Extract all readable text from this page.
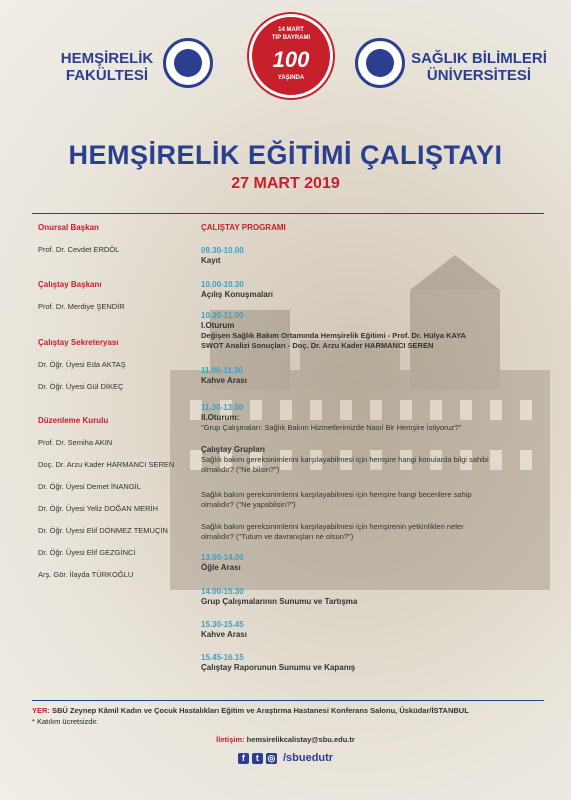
HEMŞİRELİK
FAKÜLTESİ
14 MART
TIP BAYRAMI
100
YAŞINDA
SAĞLIK BİLİMLERİ
ÜNİVERSİTESİ
HEMŞİRELİK EĞİTİMİ ÇALIŞTAYI
27 MART 2019
Onursal Başkan
Prof. Dr. Cevdet ERDÖL
Çalıştay Başkanı
Prof. Dr. Merdiye ŞENDİR
Çalıştay Sekreteryası
Dr. Öğr. Üyesi Eda AKTAŞ
Dr. Öğr. Üyesi Gül DİKEÇ
Düzenleme Kurulu
Prof. Dr. Semiha AKIN
Doç. Dr. Arzu Kader HARMANCI SEREN
Dr. Öğr. Üyesi Demet İNANGİL
Dr. Öğr. Üyesi Yeliz DOĞAN MERİH
Dr. Öğr. Üyesi Elif DÖNMEZ TEMUÇİN
Dr. Öğr. Üyesi Elif GEZGİNCİ
Arş. Gör. İlayda TÜRKOĞLU
ÇALIŞTAY PROGRAMI
09.30-10.00
Kayıt
10.00-10.30
Açılış Konuşmaları
10.30-11.00
I.Oturum
Değişen Sağlık Bakım Ortamında Hemşirelik Eğitimi - Prof. Dr. Hülya KAYA
SWOT Analizi Sonuçları - Doç. Dr. Arzu Kader HARMANCI SEREN
11.00-11.30
Kahve Arası
11.30-13.00
II.Oturum:
"Grup Çalışmaları: Sağlık Bakım Hizmetlerimizde Nasıl Bir Hemşire İstiyoruz?"
Çalıştay Grupları
Sağlık bakım gereksinimlerini karşılayabilmesi için hemşire hangi konularda bilgi sahibi
olmalıdır? ("Ne bilsin?")
Sağlık bakım gereksinimlerini karşılayabilmesi için hemşire hangi becerilere sahip
olmalıdır? ("Ne yapabilsin?")
Sağlık bakım gereksinimlerini karşılayabilmesi için hemşirenin yetkinlikleri neler
olmalıdır? ("Tutum ve davranışları ne olsun?")
13.00-14.00
Öğle Arası
14.00-15.30
Grup Çalışmalarının Sunumu ve Tartışma
15.30-15.45
Kahve Arası
15.45-16.15
Çalıştay Raporunun Sunumu ve Kapanış
YER: SBÜ Zeynep Kâmil Kadın ve Çocuk Hastalıkları Eğitim ve Araştırma Hastanesi Konferans Salonu, Üsküdar/İSTANBUL
* Katılım ücretsizdir.
İletişim: hemsirelikcalistay@sbu.edu.tr
f t ◎ /sbuedutr
